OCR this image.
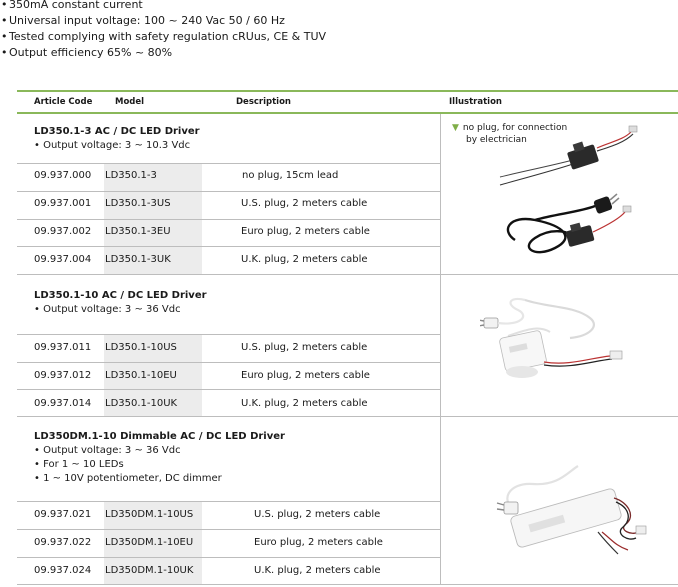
• 350mA constant current
• Universal input voltage: 100 ~ 240 Vac 50 / 60 Hz
• Tested complying with safety regulation cRUus, CE & TUV
• Output efficiency 65% ~ 80%
Article Code	Model	Description	Illustration
LD350.1-3 AC / DC LED Driver
• Output voltage: 3 ~ 10.3 Vdc
09.937.000 LD350.1-3	no plug, 15cm lead
09.937.001 LD350.1-3US	U.S. plug, 2 meters cable
09.937.002 LD350.1-3EU	Euro plug, 2 meters cable
09.937.004 LD350.1-3UK	U.K. plug, 2 meters cable
▼ no plug, for connection
by electrician
LD350.1-10 AC / DC LED Driver
• Output voltage: 3 ~ 36 Vdc
09.937.011 LD350.1-10US	U.S. plug, 2 meters cable
09.937.012 LD350.1-10EU	Euro plug, 2 meters cable
09.937.014 LD350.1-10UK	U.K. plug, 2 meters cable
LD350DM.1-10 Dimmable AC / DC LED Driver
• Output voltage: 3 ~ 36 Vdc
• For 1 ~ 10 LEDs
• 1 ~ 10V potentiometer, DC dimmer
09.937.021 LD350DM.1-10US	U.S. plug, 2 meters cable
09.937.022 LD350DM.1-10EU	Euro plug, 2 meters cable
09.937.024 LD350DM.1-10UK	U.K. plug, 2 meters cable
